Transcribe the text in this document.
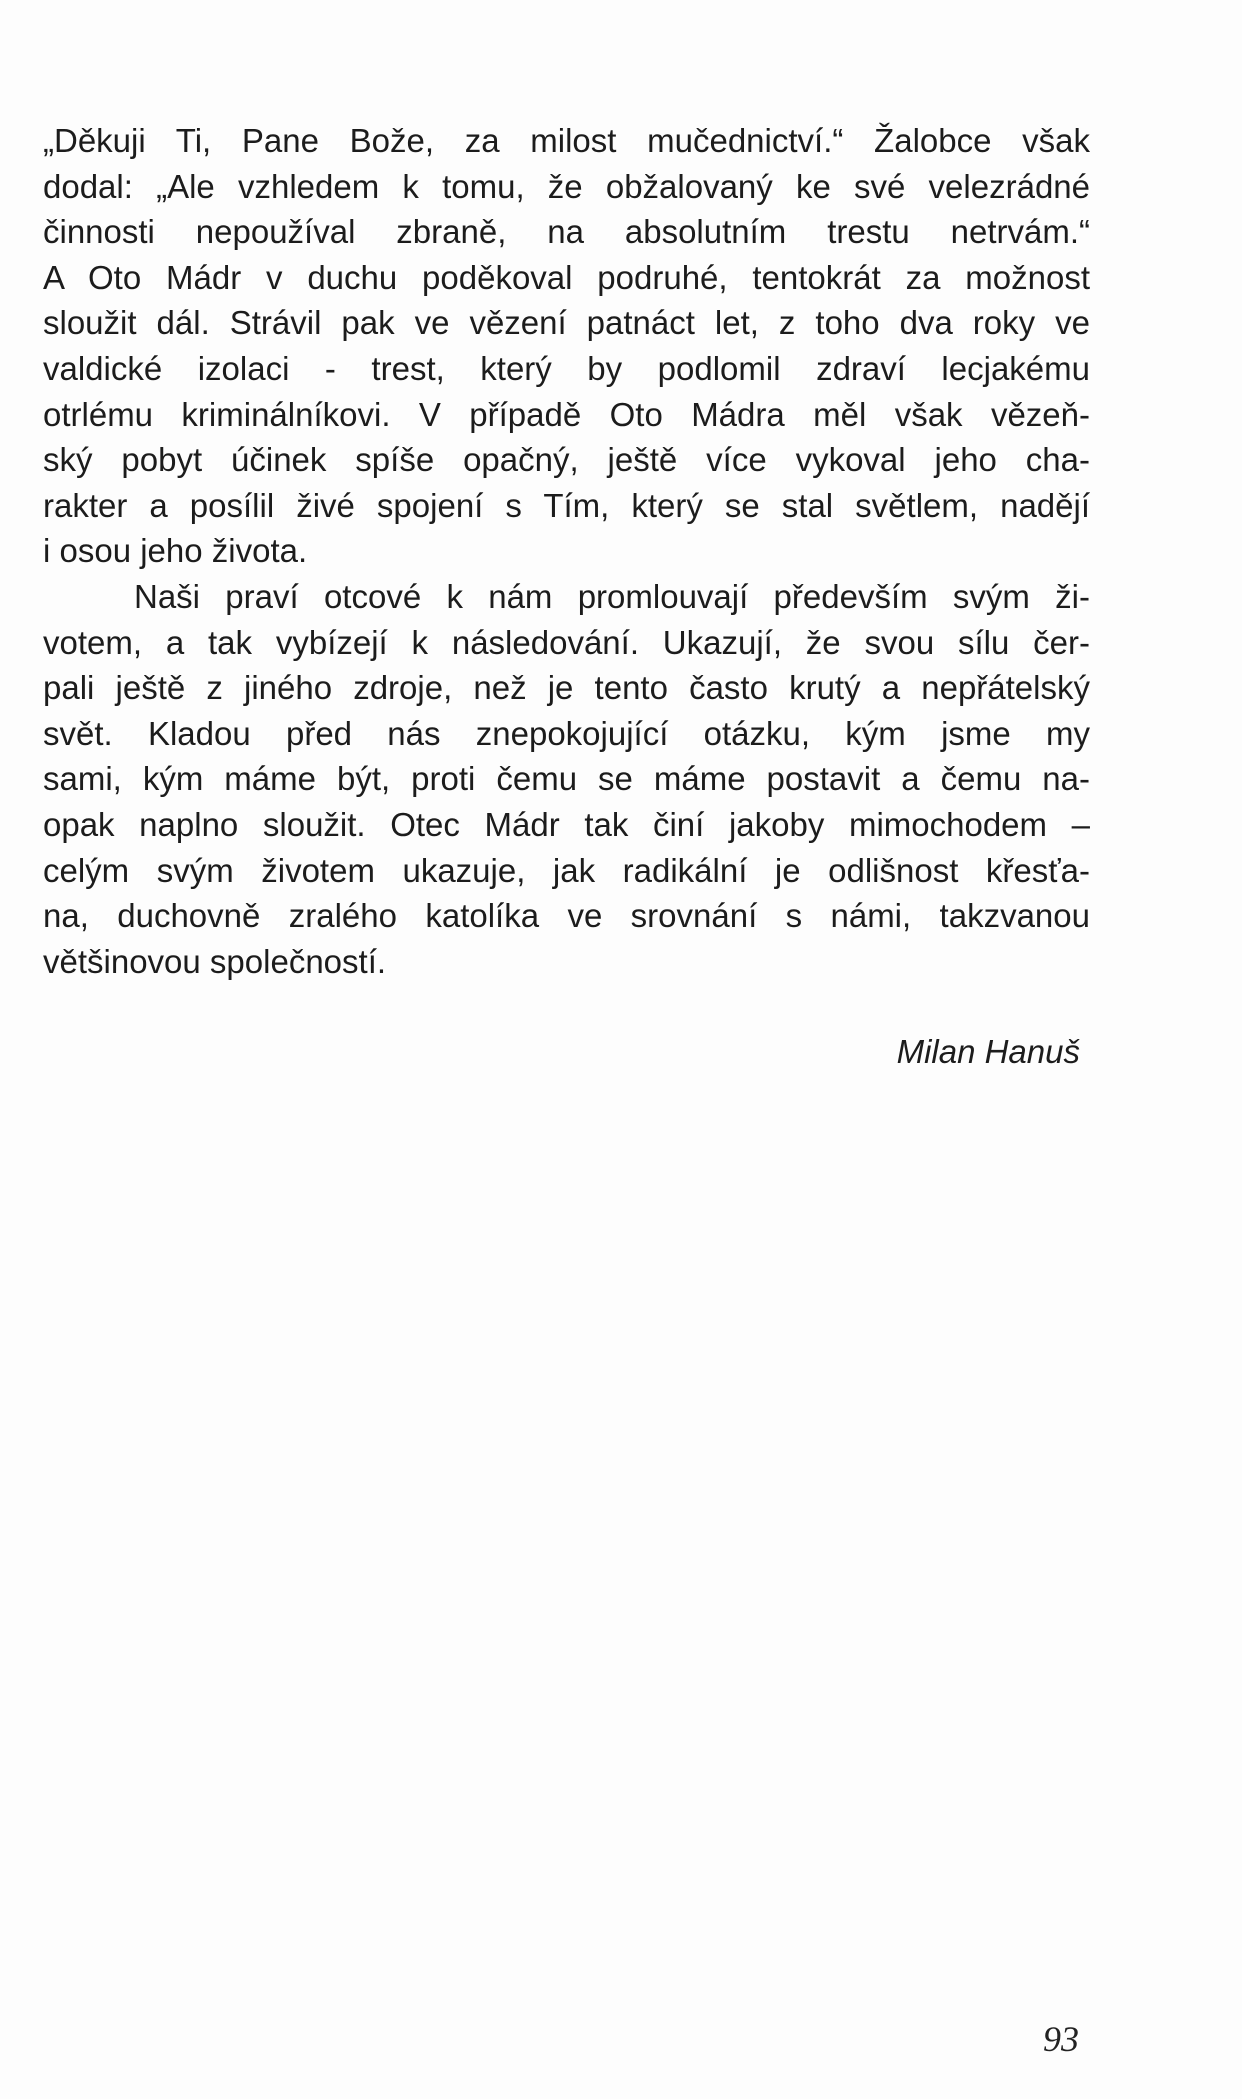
„Děkuji Ti, Pane Bože, za milost mučednictví.“ Žalobce však
dodal: „Ale vzhledem k tomu, že obžalovaný ke své velezrádné
činnosti nepoužíval zbraně, na absolutním trestu netrvám.“
A Oto Mádr v duchu poděkoval podruhé, tentokrát za možnost
sloužit dál. Strávil pak ve vězení patnáct let, z toho dva roky ve
valdické izolaci - trest, který by podlomil zdraví lecjakému
otrlému kriminálníkovi. V případě Oto Mádra měl však vězeň-
ský pobyt účinek spíše opačný, ještě více vykoval jeho cha-
rakter a posílil živé spojení s Tím, který se stal světlem, nadějí
i osou jeho života.
Naši praví otcové k nám promlouvají především svým ži-
votem, a tak vybízejí k následování. Ukazují, že svou sílu čer-
pali ještě z jiného zdroje, než je tento často krutý a nepřátelský
svět. Kladou před nás znepokojující otázku, kým jsme my
sami, kým máme být, proti čemu se máme postavit a čemu na-
opak naplno sloužit. Otec Mádr tak činí jakoby mimochodem –
celým svým životem ukazuje, jak radikální je odlišnost křesťa-
na, duchovně zralého katolíka ve srovnání s námi, takzvanou
většinovou společností.
Milan Hanuš
93
